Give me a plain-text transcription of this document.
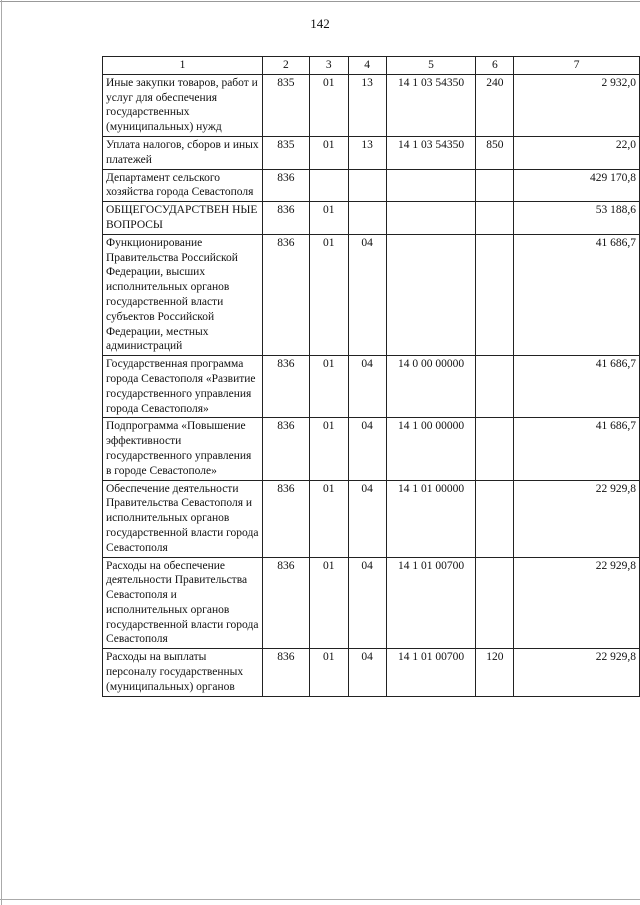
142
1	2	3	4	5	6	7
Иные закупки товаров, работ и услуг для обеспечения государственных (муниципальных) нужд	835	01	13	14 1 03 54350	240	2 932,0
Уплата налогов, сборов и иных платежей	835	01	13	14 1 03 54350	850	22,0
Департамент сельского хозяйства города Севастополя	836					429 170,8
ОБЩЕГОСУДАРСТВЕН НЫЕ ВОПРОСЫ	836	01				53 188,6
Функционирование Правительства Российской Федерации, высших исполнительных органов государственной власти субъектов Российской Федерации, местных администраций	836	01	04			41 686,7
Государственная программа города Севастополя «Развитие государственного управления города Севастополя»	836	01	04	14 0 00 00000		41 686,7
Подпрограмма «Повышение эффективности государственного управления в городе Севастополе»	836	01	04	14 1 00 00000		41 686,7
Обеспечение деятельности Правительства Севастополя и исполнительных органов государственной власти города Севастополя	836	01	04	14 1 01 00000		22 929,8
Расходы на обеспечение деятельности Правительства Севастополя и исполнительных органов государственной власти города Севастополя	836	01	04	14 1 01 00700		22 929,8
Расходы на выплаты персоналу государственных (муниципальных) органов	836	01	04	14 1 01 00700	120	22 929,8
